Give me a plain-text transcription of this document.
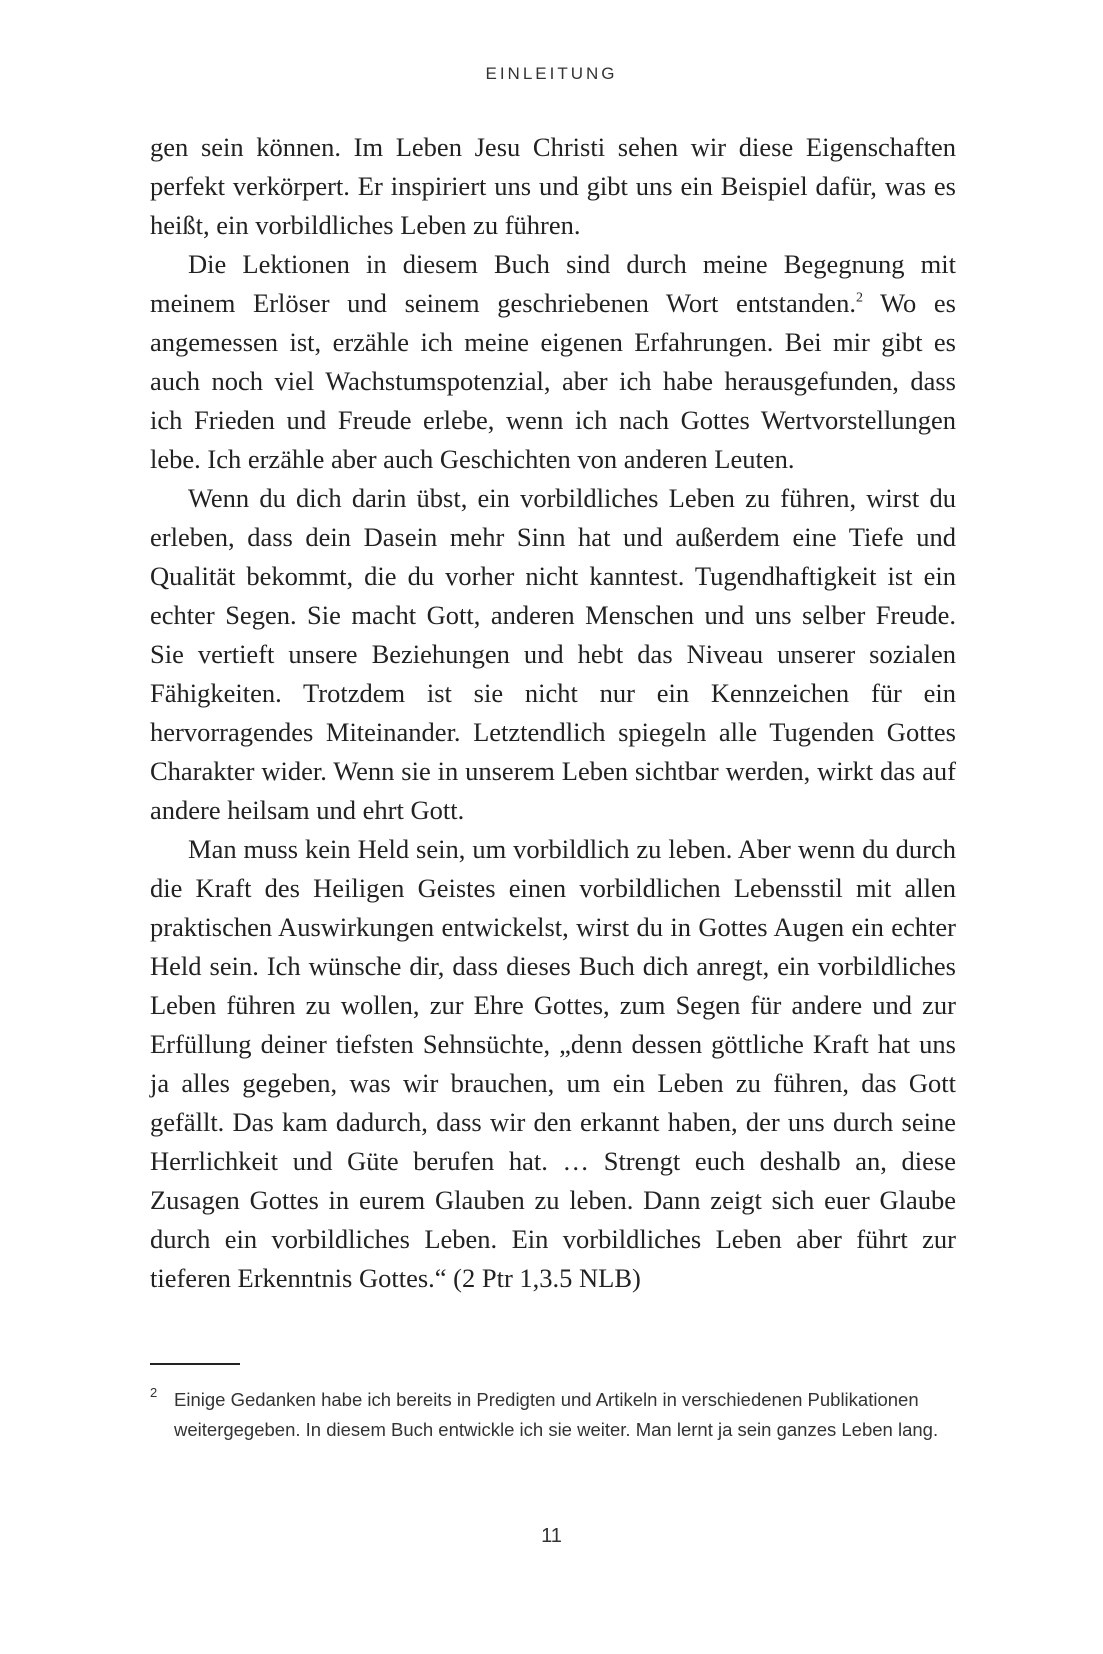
EINLEITUNG

gen sein können. Im Leben Jesu Christi sehen wir diese Eigenschaften perfekt verkörpert. Er inspiriert uns und gibt uns ein Beispiel dafür, was es heißt, ein vorbildliches Leben zu führen.

Die Lektionen in diesem Buch sind durch meine Begegnung mit meinem Erlöser und seinem geschriebenen Wort entstanden.$^2$ Wo es angemessen ist, erzähle ich meine eigenen Erfahrungen. Bei mir gibt es auch noch viel Wachstumspotenzial, aber ich habe herausgefunden, dass ich Frieden und Freude erlebe, wenn ich nach Gottes Wertvorstellungen lebe. Ich erzähle aber auch Geschichten von anderen Leuten.

Wenn du dich darin übst, ein vorbildliches Leben zu führen, wirst du erleben, dass dein Dasein mehr Sinn hat und außerdem eine Tiefe und Qualität bekommt, die du vorher nicht kanntest. Tugendhaftigkeit ist ein echter Segen. Sie macht Gott, anderen Menschen und uns selber Freude. Sie vertieft unsere Beziehungen und hebt das Niveau unserer sozialen Fähigkeiten. Trotzdem ist sie nicht nur ein Kennzeichen für ein hervorragendes Miteinander. Letztendlich spiegeln alle Tugenden Gottes Charakter wider. Wenn sie in unserem Leben sichtbar werden, wirkt das auf andere heilsam und ehrt Gott.

Man muss kein Held sein, um vorbildlich zu leben. Aber wenn du durch die Kraft des Heiligen Geistes einen vorbildlichen Lebensstil mit allen praktischen Auswirkungen entwickelst, wirst du in Gottes Augen ein echter Held sein. Ich wünsche dir, dass dieses Buch dich anregt, ein vorbildliches Leben führen zu wollen, zur Ehre Gottes, zum Segen für andere und zur Erfüllung deiner tiefsten Sehnsüchte, „denn dessen göttliche Kraft hat uns ja alles gegeben, was wir brauchen, um ein Leben zu führen, das Gott gefällt. Das kam dadurch, dass wir den erkannt haben, der uns durch seine Herrlichkeit und Güte berufen hat. … Strengt euch deshalb an, diese Zusagen Gottes in eurem Glauben zu leben. Dann zeigt sich euer Glaube durch ein vorbildliches Leben. Ein vorbildliches Leben aber führt zur tieferen Erkenntnis Gottes.“ (2 Ptr 1,3.5 NLB)

2 Einige Gedanken habe ich bereits in Predigten und Artikeln in verschiedenen Publikationen weitergegeben. In diesem Buch entwickle ich sie weiter. Man lernt ja sein ganzes Leben lang.
11
